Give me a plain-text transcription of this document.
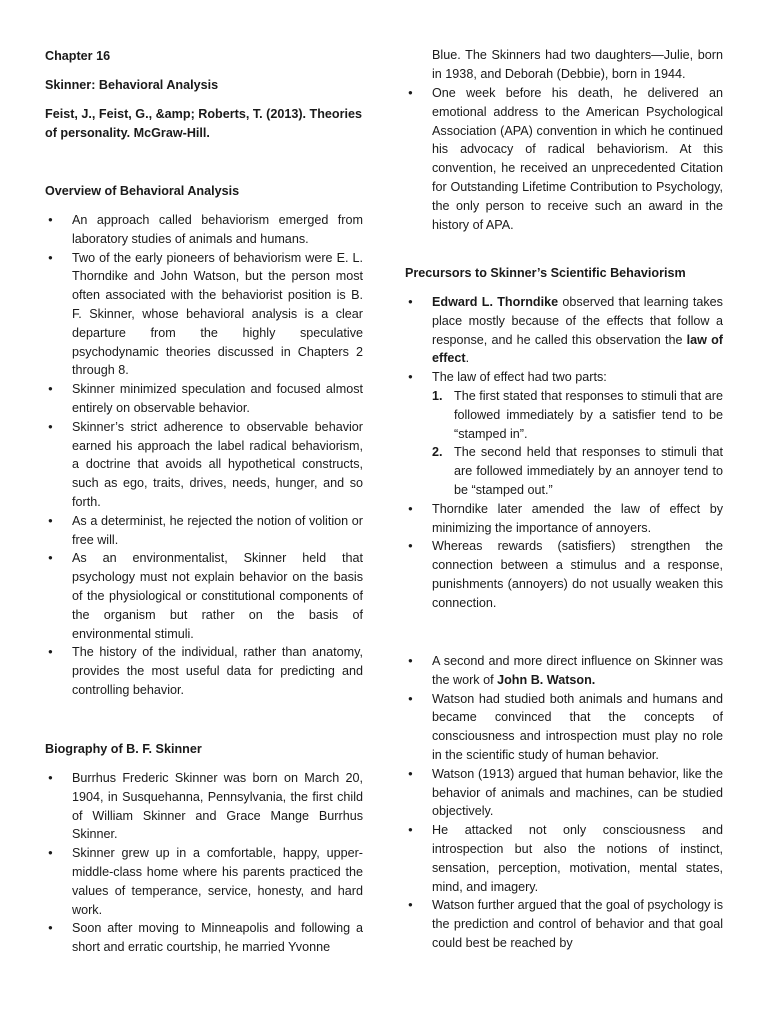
Chapter 16
Skinner: Behavioral Analysis
Feist, J., Feist, G., &amp; Roberts, T. (2013). Theories of personality. McGraw-Hill.
Overview of Behavioral Analysis
● An approach called behaviorism emerged from laboratory studies of animals and humans.
● Two of the early pioneers of behaviorism were E. L. Thorndike and John Watson, but the person most often associated with the behaviorist position is B. F. Skinner, whose behavioral analysis is a clear departure from the highly speculative psychodynamic theories discussed in Chapters 2 through 8.
● Skinner minimized speculation and focused almost entirely on observable behavior.
● Skinner’s strict adherence to observable behavior earned his approach the label radical behaviorism, a doctrine that avoids all hypothetical constructs, such as ego, traits, drives, needs, hunger, and so forth.
● As a determinist, he rejected the notion of volition or free will.
● As an environmentalist, Skinner held that psychology must not explain behavior on the basis of the physiological or constitutional components of the organism but rather on the basis of environmental stimuli.
● The history of the individual, rather than anatomy, provides the most useful data for predicting and controlling behavior.
Biography of B. F. Skinner
● Burrhus Frederic Skinner was born on March 20, 1904, in Susquehanna, Pennsylvania, the first child of William Skinner and Grace Mange Burrhus Skinner.
● Skinner grew up in a comfortable, happy, upper-middle-class home where his parents practiced the values of temperance, service, honesty, and hard work.
● Soon after moving to Minneapolis and following a short and erratic courtship, he married Yvonne

Blue. The Skinners had two daughters—Julie, born in 1938, and Deborah (Debbie), born in 1944.

● One week before his death, he delivered an emotional address to the American Psychological Association (APA) convention in which he continued his advocacy of radical behaviorism. At this convention, he received an unprecedented Citation for Outstanding Lifetime Contribution to Psychology, the only person to receive such an award in the history of APA.
Precursors to Skinner’s Scientific Behaviorism
● Edward L. Thorndike observed that learning takes place mostly because of the effects that follow a response, and he called this observation the law of effect.
● The law of effect had two parts:
1. The first stated that responses to stimuli that are followed immediately by a satisfier tend to be “stamped in”.
2. The second held that responses to stimuli that are followed immediately by an annoyer tend to be “stamped out.”
● Thorndike later amended the law of effect by minimizing the importance of annoyers.
● Whereas rewards (satisfiers) strengthen the connection between a stimulus and a response, punishments (annoyers) do not usually weaken this connection.
● A second and more direct influence on Skinner was the work of John B. Watson.
● Watson had studied both animals and humans and became convinced that the concepts of consciousness and introspection must play no role in the scientific study of human behavior.
● Watson (1913) argued that human behavior, like the behavior of animals and machines, can be studied objectively.
● He attacked not only consciousness and introspection but also the notions of instinct, sensation, perception, motivation, mental states, mind, and imagery.
● Watson further argued that the goal of psychology is the prediction and control of behavior and that goal could best be reached by
